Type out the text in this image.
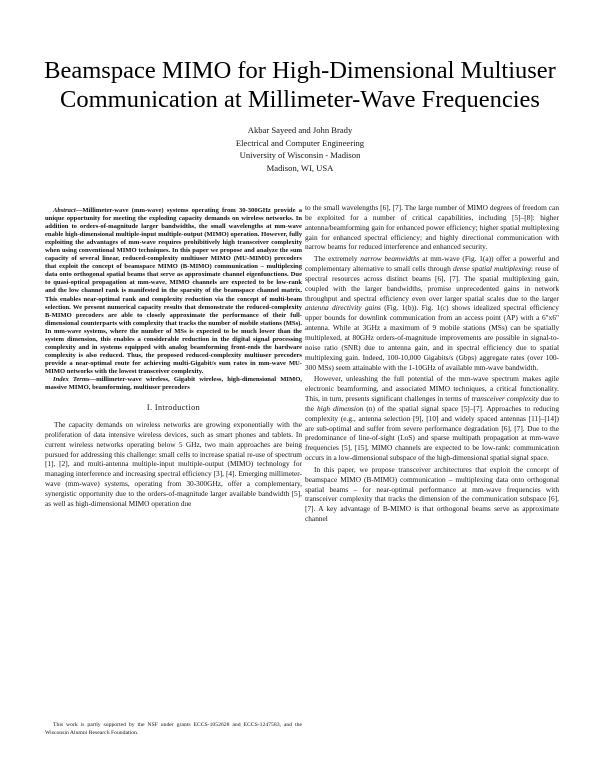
Beamspace MIMO for High-Dimensional Multiuser
Communication at Millimeter-Wave Frequencies
Akbar Sayeed and John Brady
Electrical and Computer Engineering
University of Wisconsin - Madison
Madison, WI, USA

Abstract—Millimeter-wave (mm-wave) systems operating from 30-300GHz provide a unique opportunity for meeting the exploding capacity demands on wireless networks. In addition to orders-of-magnitude larger bandwidths, the small wavelengths at mm-wave enable high-dimensional multiple-input multiple-output (MIMO) operation. However, fully exploiting the advantages of mm-wave requires prohibitively high transceiver complexity when using conventional MIMO techniques. In this paper we propose and analyze the sum capacity of several linear, reduced-complexity multiuser MIMO (MU-MIMO) precoders that exploit the concept of beamspace MIMO (B-MIMO) communication – multiplexing data onto orthogonal spatial beams that serve as approximate channel eigenfunctions. Due to quasi-optical propagation at mm-wave, MIMO channels are expected to be low-rank and the low channel rank is manifested in the sparsity of the beamspace channel matrix. This enables near-optimal rank and complexity reduction via the concept of multi-beam selection. We present numerical capacity results that demonstrate the reduced-complexity B-MIMO precoders are able to closely approximate the performance of their full-dimensional counterparts with complexity that tracks the number of mobile stations (MSs). In mm-wave systems, where the number of MSs is expected to be much lower than the system dimension, this enables a considerable reduction in the digital signal processing complexity and in systems equipped with analog beamforming front-ends the hardware complexity is also reduced. Thus, the proposed reduced-complexity multiuser precoders provide a near-optimal route for achieving multi-Gigabit/s sum rates in mm-wave MU-MIMO networks with the lowest transceiver complexity.

Index Terms—millimeter-wave wireless, Gigabit wireless, high-dimensional MIMO, massive MIMO, beamforming, multiuser precoders

I. Introduction

The capacity demands on wireless networks are growing exponentially with the proliferation of data intensive wireless devices, such as smart phones and tablets. In current wireless networks operating below 5 GHz, two main approaches are being pursued for addressing this challenge: small cells to increase spatial re-use of spectrum [1], [2], and multi-antenna multiple-input multiple-output (MIMO) technology for managing interference and increasing spectral efficiency [3], [4]. Emerging millimeter-wave (mm-wave) systems, operating from 30-300GHz, offer a complementary, synergistic opportunity due to the orders-of-magnitude larger available bandwidth [5], as well as high-dimensional MIMO operation due

This work is partly supported by the NSF under grants ECCS-1052628 and ECCS-1247583, and the Wisconsin Alumni Research Foundation.

to the small wavelengths [6], [7]. The large number of MIMO degrees of freedom can be exploited for a number of critical capabilities, including [5]–[8]: higher antenna/beamforming gain for enhanced power efficiency; higher spatial multiplexing gain for enhanced spectral efficiency; and highly directional communication with narrow beams for reduced interference and enhanced security.

The extremely narrow beamwidths at mm-wave (Fig. 1(a)) offer a powerful and complementary alternative to small cells through dense spatial multiplexing: reuse of spectral resources across distinct beams [6], [7]. The spatial multiplexing gain, coupled with the larger bandwidths, promise unprecedented gains in network throughput and spectral efficiency even over larger spatial scales due to the larger antenna directivity gains (Fig. 1(b)). Fig. 1(c) shows idealized spectral efficiency upper bounds for downlink communication from an access point (AP) with a 6"x6" antenna. While at 3GHz a maximum of 9 mobile stations (MSs) can be spatially multiplexed, at 80GHz orders-of-magnitude improvements are possible in signal-to-noise ratio (SNR) due to antenna gain, and in spectral efficiency due to spatial multiplexing gain. Indeed, 100-10,000 Gigabits/s (Gbps) aggregate rates (over 100-300 MSs) seem attainable with the 1-10GHz of available mm-wave bandwidth.

However, unleashing the full potential of the mm-wave spectrum makes agile electronic beamforming, and associated MIMO techniques, a critical functionality. This, in turn, presents significant challenges in terms of transceiver complexity due to the high dimension (n) of the spatial signal space [5]–[7]. Approaches to reducing complexity (e.g., antenna selection [9], [10] and widely spaced antennas [11]–[14]) are sub-optimal and suffer from severe performance degradation [6], [7]. Due to the predominance of line-of-sight (LoS) and sparse multipath propagation at mm-wave frequencies [5], [15], MIMO channels are expected to be low-rank: communication occurs in a low-dimensional subspace of the high-dimensional spatial signal space.

In this paper, we propose transceiver architectures that exploit the concept of beamspace MIMO (B-MIMO) communication – multiplexing data onto orthogonal spatial beams – for near-optimal performance at mm-wave frequencies with transceiver complexity that tracks the dimension of the communication subspace [6], [7]. A key advantage of B-MIMO is that orthogonal beams serve as approximate channel
